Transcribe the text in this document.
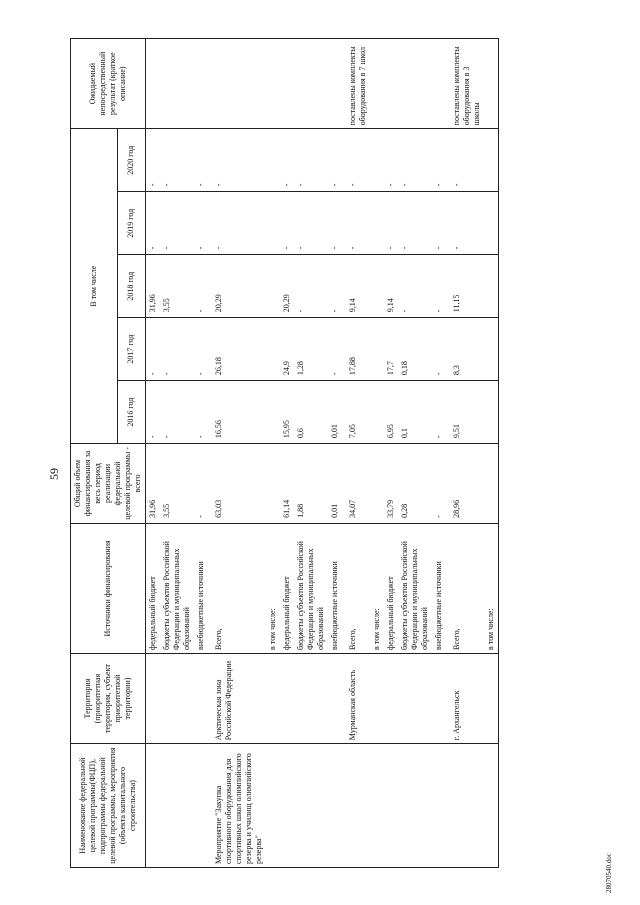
59
Наименование федеральной целевой программы(ФЦП), подпрограммы федеральной целевой программы, мероприятия (объекта капитального строительства)	Территория (приоритетная территория, субъект приоритетной территории)	Источники финансирования	Общий объем финансирования за весь период реализации федеральной целевой программы - всего	В том числе					Ожидаемый непосредственный результат (краткое описание)
				2016 год	2017 год	2018 год	2019 год	2020 год	
		федеральный бюджет	31,96	-	-	31,96	-	-	
		бюджеты субъектов Российской Федерации и муниципальных образований	3,55	-	-	3,55	-	-	
		внебюджетные источники	-	-	-	-	-	-	
Мероприятие "Закупка спортивного оборудования для спортивных школ олимпийского резерва и училищ олимпийского резерва"	Арктическая зона Российской Федерации	Всего,	63,03	16,56	26,18	20,29	-	-	
		в том числе:							
		федеральный бюджет	61,14	15,95	24,9	20,29	-	-	
		бюджеты субъектов Российской Федерации и муниципальных образований	1,88	0,6	1,28	-	-	-	
		внебюджетные источники	0,01	0,01	-	-	-	-	
	Мурманская область	Всего,	34,07	7,05	17,88	9,14	-	-	поставлены комплекты оборудования в 7 школ
		в том числе:							
		федеральный бюджет	33,79	6,95	17,7	9,14	-	-	
		бюджеты субъектов Российской Федерации и муниципальных образований	0,28	0,1	0,18	-	-	-	
		внебюджетные источники	-	-	-	-	-	-	
	г. Архангельск	Всего,	28,96	9,51	8,3	11,15	-	-	поставлены комплекты оборудования в 3 школы
		в том числе:							
28070540.doc
